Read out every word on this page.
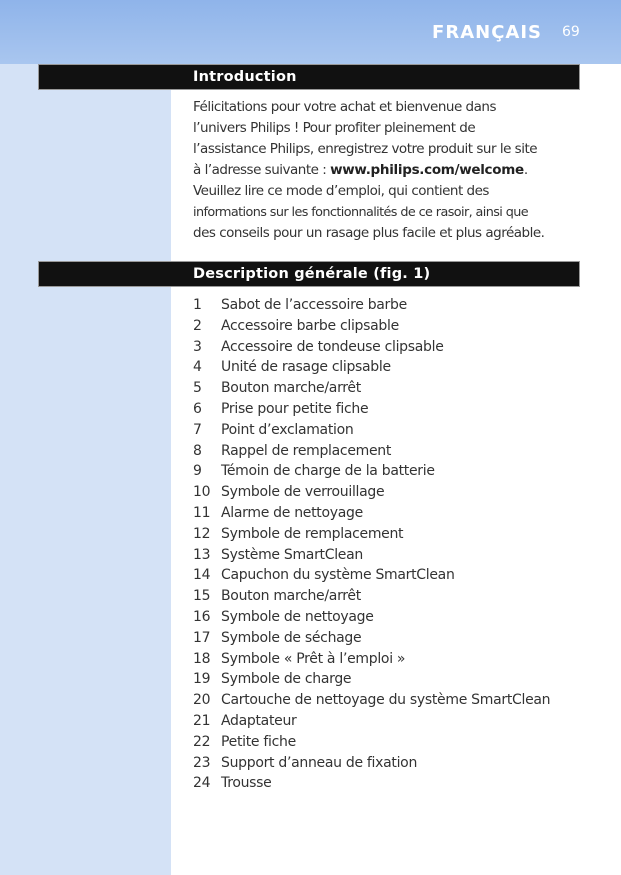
FRANÇAIS 69
Introduction

Félicitations pour votre achat et bienvenue dans

l’univers Philips ! Pour profiter pleinement de

l’assistance Philips, enregistrez votre produit sur le site

à l’adresse suivante : www.philips.com/welcome.

Veuillez lire ce mode d’emploi, qui contient des

informations sur les fonctionnalités de ce rasoir, ainsi que

des conseils pour un rasage plus facile et plus agréable.

Description générale (fig. 1)
1	Sabot de l’accessoire barbe
2	Accessoire barbe clipsable
3	Accessoire de tondeuse clipsable
4	Unité de rasage clipsable
5	Bouton marche/arrêt
6	Prise pour petite fiche
7	Point d’exclamation
8	Rappel de remplacement
9	Témoin de charge de la batterie
10 Symbole de verrouillage
11 Alarme de nettoyage
12 Symbole de remplacement
13 Système SmartClean
14 Capuchon du système SmartClean
15 Bouton marche/arrêt
16 Symbole de nettoyage
17 Symbole de séchage
18 Symbole « Prêt à l’emploi »
19 Symbole de charge
20 Cartouche de nettoyage du système SmartClean
21 Adaptateur
22 Petite fiche
23 Support d’anneau de fixation
24 Trousse
